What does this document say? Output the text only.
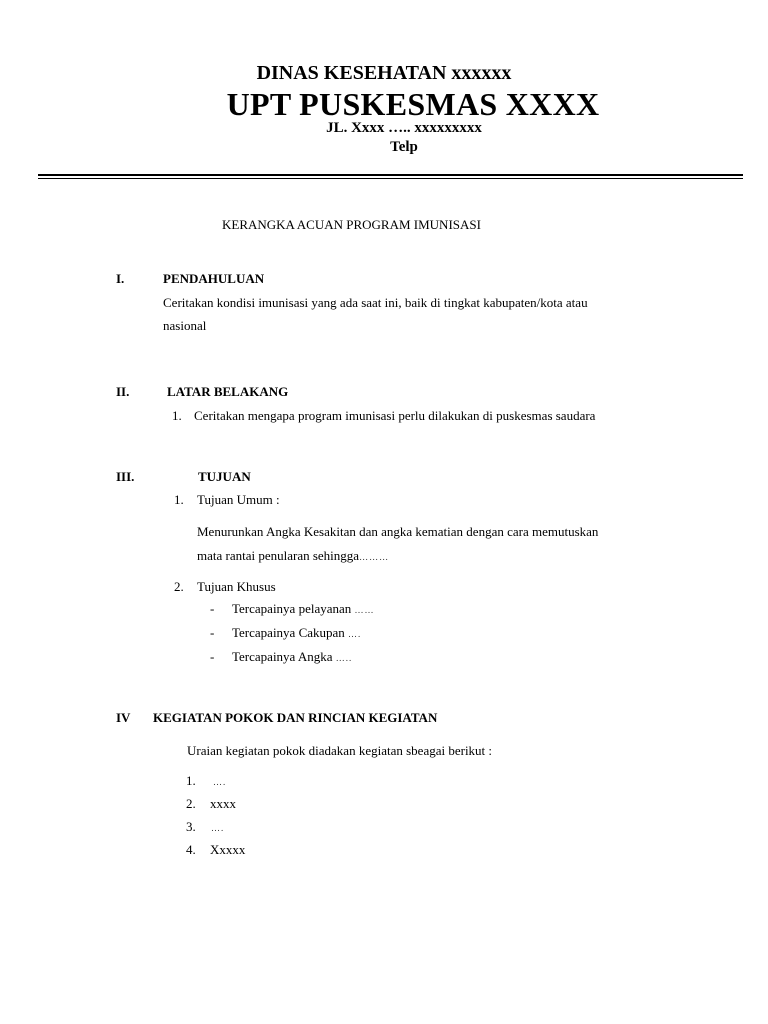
DINAS KESEHATAN xxxxxx
UPT PUSKESMAS XXXX
JL. Xxxx ….. xxxxxxxxx
Telp
KERANGKA ACUAN PROGRAM IMUNISASI
I.	PENDAHULUAN
Ceritakan kondisi imunisasi yang ada saat ini, baik di tingkat kabupaten/kota atau
nasional
II.	LATAR BELAKANG
1. Ceritakan mengapa program imunisasi perlu dilakukan di puskesmas saudara
III.	TUJUAN
1. Tujuan Umum :
Menurunkan Angka Kesakitan dan angka kematian dengan cara memutuskan
mata rantai penularan sehingga………
2. Tujuan Khusus
- Tercapainya pelayanan ……
- Tercapainya Cakupan ….
- Tercapainya Angka …..
IV KEGIATAN POKOK DAN RINCIAN KEGIATAN
Uraian kegiatan pokok diadakan kegiatan sbeagai berikut :
1. ….
2. xxxx
3. ….
4. Xxxxx
